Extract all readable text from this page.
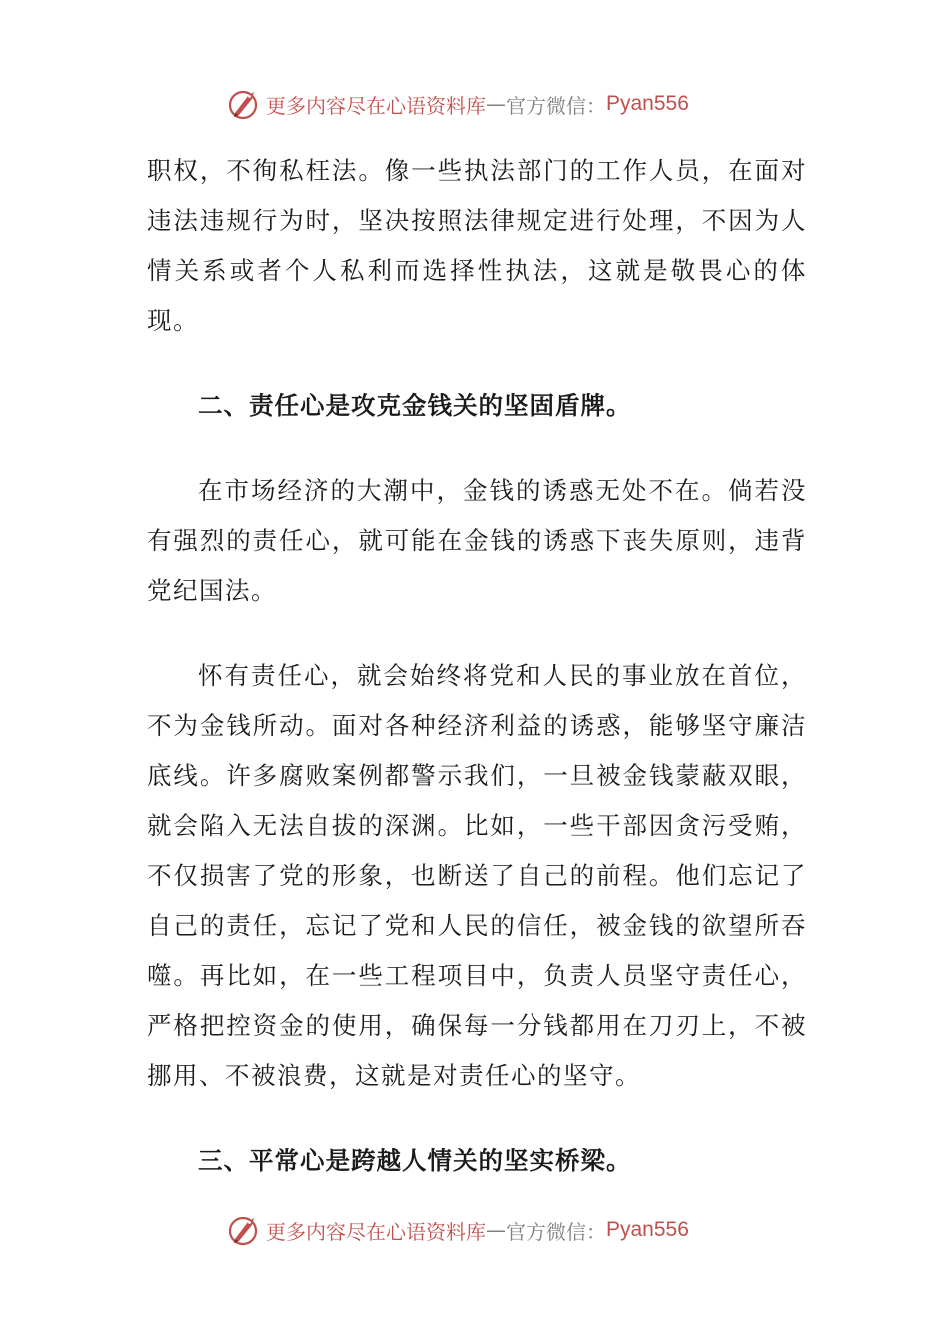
更多内容尽在心语资料库 — 官方微信： Pyan556

职权，不徇私枉法。像一些执法部门的工作人员，在面对违法违规行为时，坚决按照法律规定进行处理，不因为人情关系或者个人私利而选择性执法，这就是敬畏心的体现。

二、责任心是攻克金钱关的坚固盾牌。

在市场经济的大潮中，金钱的诱惑无处不在。倘若没有强烈的责任心，就可能在金钱的诱惑下丧失原则，违背党纪国法。

怀有责任心，就会始终将党和人民的事业放在首位，不为金钱所动。面对各种经济利益的诱惑，能够坚守廉洁底线。许多腐败案例都警示我们，一旦被金钱蒙蔽双眼，就会陷入无法自拔的深渊。比如，一些干部因贪污受贿，不仅损害了党的形象，也断送了自己的前程。他们忘记了自己的责任，忘记了党和人民的信任，被金钱的欲望所吞噬。再比如，在一些工程项目中，负责人员坚守责任心，严格把控资金的使用，确保每一分钱都用在刀刃上，不被挪用、不被浪费，这就是对责任心的坚守。

三、平常心是跨越人情关的坚实桥梁。

更多内容尽在心语资料库 — 官方微信： Pyan556
